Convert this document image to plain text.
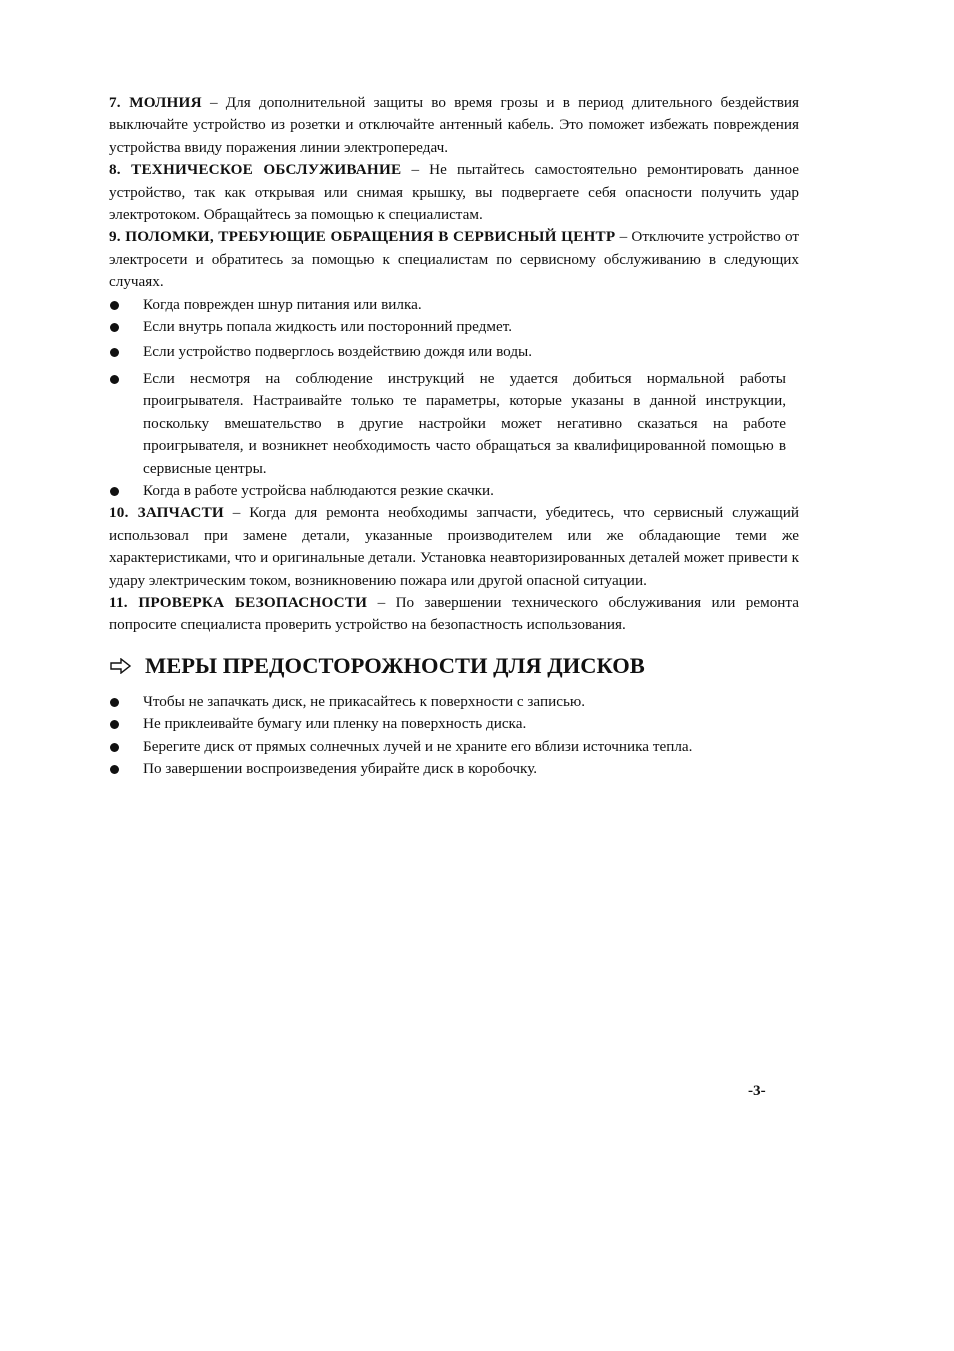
7. МОЛНИЯ – Для дополнительной защиты во время грозы и в период длительного бездействия выключайте устройство из розетки и отключайте антенный кабель. Это поможет избежать повреждения устройства ввиду поражения линии электропередач.

8. ТЕХНИЧЕСКОЕ ОБСЛУЖИВАНИЕ – Не пытайтесь самостоятельно ремонтировать данное устройство, так как открывая или снимая крышку, вы подвергаете себя опасности получить удар электротоком. Обращайтесь за помощью к специалистам.

9. ПОЛОМКИ, ТРЕБУЮЩИЕ ОБРАЩЕНИЯ В СЕРВИСНЫЙ ЦЕНТР – Отключите устройство от электросети и обратитесь за помощью к специалистам по сервисному обслуживанию в следующих случаях.

Когда поврежден шнур питания или вилка.
Если внутрь попала жидкость или посторонний предмет.
Если устройство подверглось воздействию дождя или воды.
Если несмотря на соблюдение инструкций не удается добиться нормальной работы проигрывателя. Настраивайте только те параметры, которые указаны в данной инструкции, поскольку вмешательство в другие настройки может негативно сказаться на работе проигрывателя, и возникнет необходимость часто обращаться за квалифицированной помощью в сервисные центры.
Когда в работе устройсва наблюдаются резкие скачки.

10. ЗАПЧАСТИ – Когда для ремонта необходимы запчасти, убедитесь, что сервисный служащий использовал при замене детали, указанные производителем или же обладающие теми же характеристиками, что и оригинальные детали. Установка неавторизированных деталей может привести к удару электрическим током, возникновению пожара или другой опасной ситуации.

11. ПРОВЕРКА БЕЗОПАСНОСТИ – По завершении технического обслуживания или ремонта попросите специалиста проверить устройство на безопастность использования.

МЕРЫ ПРЕДОСТОРОЖНОСТИ ДЛЯ ДИСКОВ
Чтобы не запачкать диск, не прикасайтесь к поверхности с записью.
Не приклеивайте бумагу или пленку на поверхность диска.
Берегите диск от прямых солнечных лучей и не храните его вблизи источника тепла.
По завершении воспроизведения убирайте диск в коробочку.
-3-
